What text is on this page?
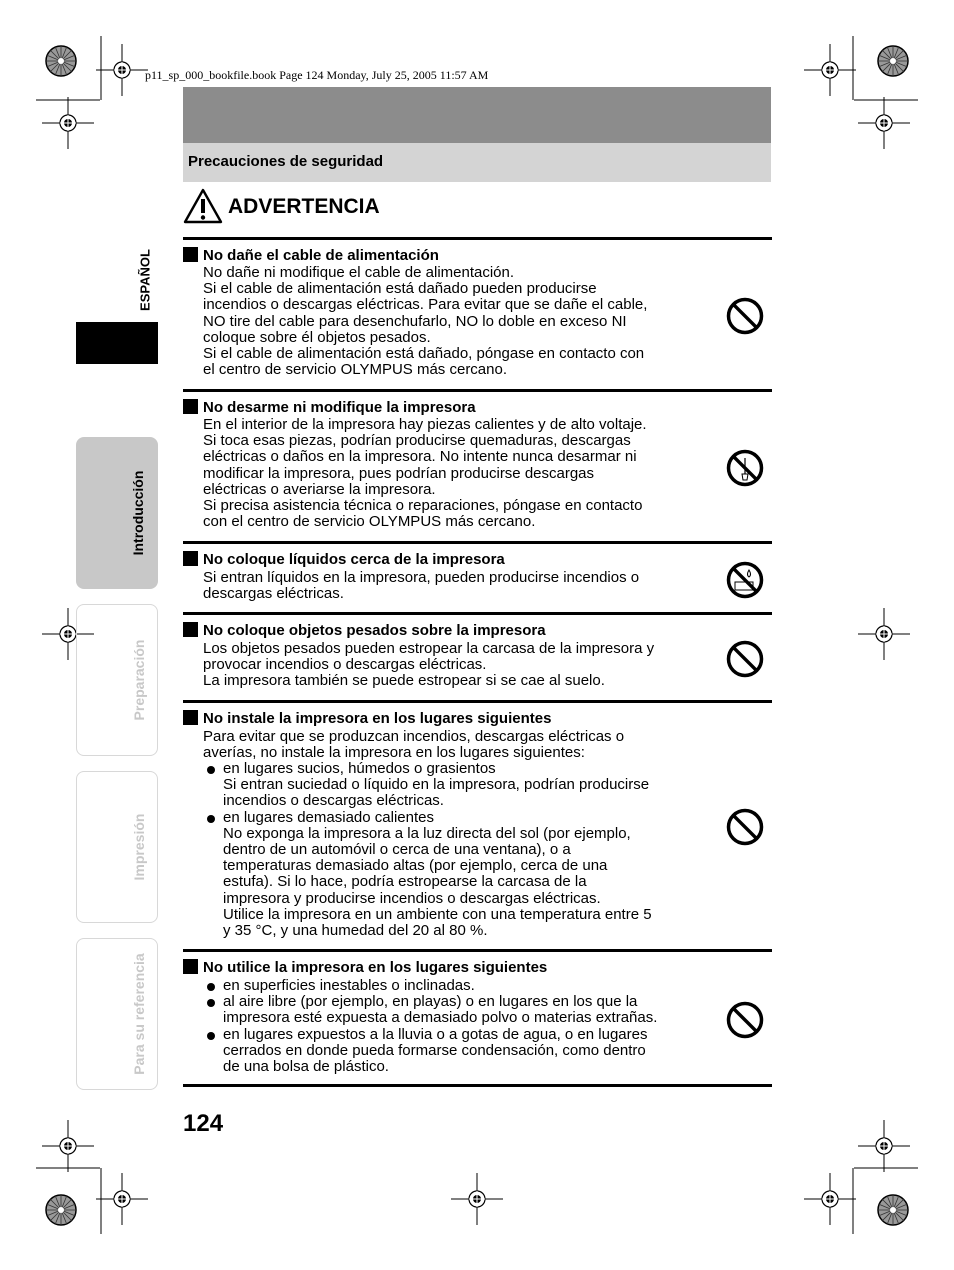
p11_sp_000_bookfile.book Page 124 Monday, July 25, 2005 11:57 AM
Precauciones de seguridad
ADVERTENCIA
ESPAÑOL
Introducción
Preparación
Impresión
Para su referencia
No dañe el cable de alimentación
No dañe ni modifique el cable de alimentación.
Si el cable de alimentación está dañado pueden producirse
incendios o descargas eléctricas. Para evitar que se dañe el cable,
NO tire del cable para desenchufarlo, NO lo doble en exceso NI
coloque sobre él objetos pesados.
Si el cable de alimentación está dañado, póngase en contacto con
el centro de servicio OLYMPUS más cercano.
No desarme ni modifique la impresora
En el interior de la impresora hay piezas calientes y de alto voltaje.
Si toca esas piezas, podrían producirse quemaduras, descargas
eléctricas o daños en la impresora. No intente nunca desarmar ni
modificar la impresora, pues podrían producirse descargas
eléctricas o averiarse la impresora.
Si precisa asistencia técnica o reparaciones, póngase en contacto
con el centro de servicio OLYMPUS más cercano.
No coloque líquidos cerca de la impresora
Si entran líquidos en la impresora, pueden producirse incendios o
descargas eléctricas.
No coloque objetos pesados sobre la impresora
Los objetos pesados pueden estropear la carcasa de la impresora y
provocar incendios o descargas eléctricas.
La impresora también se puede estropear si se cae al suelo.
No instale la impresora en los lugares siguientes
Para evitar que se produzcan incendios, descargas eléctricas o
averías, no instale la impresora en los lugares siguientes:
en lugares sucios, húmedos o grasientos
Si entran suciedad o líquido en la impresora, podrían producirse
incendios o descargas eléctricas.
en lugares demasiado calientes
No exponga la impresora a la luz directa del sol (por ejemplo,
dentro de un automóvil o cerca de una ventana), o a
temperaturas demasiado altas (por ejemplo, cerca de una
estufa). Si lo hace, podría estropearse la carcasa de la
impresora y producirse incendios o descargas eléctricas.
Utilice la impresora en un ambiente con una temperatura entre 5
y 35 °C, y una humedad del 20 al 80 %.
No utilice la impresora en los lugares siguientes
en superficies inestables o inclinadas.
al aire libre (por ejemplo, en playas) o en lugares en los que la
impresora esté expuesta a demasiado polvo o materias extrañas.
en lugares expuestos a la lluvia o a gotas de agua, o en lugares
cerrados en donde pueda formarse condensación, como dentro
de una bolsa de plástico.
124
